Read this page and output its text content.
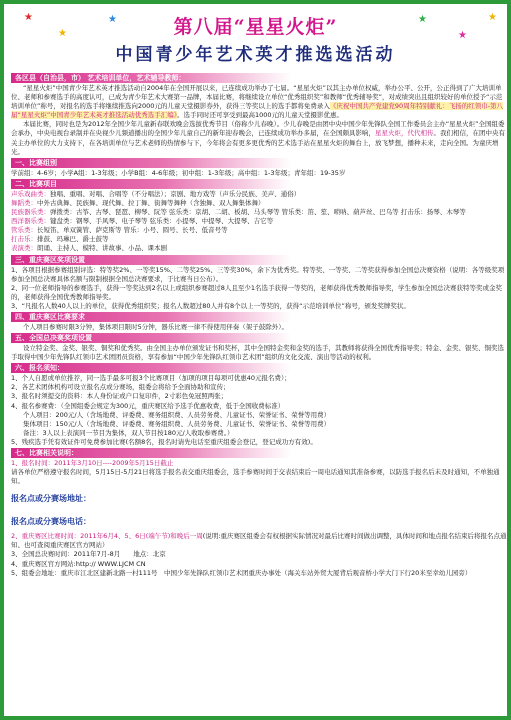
★
★
★	★
★
★
第八届“星星火炬”
中国青少年艺术英才推选选活动
各区县（自治县，市） 艺术培训单位，艺术辅导教师：
“星星火炬”中国青少年艺术英才推选活动自2004年在全国开展以来，已连续成功举办了七届。“星星火炬”以其主办单位权威，举办公平、公开，公正得到了广大培训单位、老师和参赛选手的高度认可，已成为青少年艺术大赛第一品牌，本届比赛，将继续设立单位“优秀组织奖”和教师“优秀辅导奖”，对成绩突出且组织较好的单位授予“示范培训单位”称号，对报名的选手将继续推选向2000元的儿童天堂摄影券外，获得三等奖以上的选手都将免费录入《庆祝中国共产党建党90周年特别献礼：飞扬的红领巾-第八届“星星火炬”中国青少年艺术英才推选活动优秀选手汇编》。选手同时还可享受到最高1000元的儿童天堂摄影优惠。
本届比赛，同时也是为2012年全国少年儿童新春联欢晚会选拔优秀节目（俗称少儿春晚）。少儿春晚是由团中央中国少年先锋队全国工作委员会主办“星星火炬”全国组委会承办，中央电视台录制并在央视少儿频道播出的全国少年儿童自己的新年迎春晚会，已连续成功举办多届，在全国颇具影响，星星火炬，代代相传。我们相信，在团中央有关主办单位的大力支持下，在各培训单位与艺术老师的热情参与下，今年将会有更多更优秀的艺术选手站在星星火炬的舞台上，放飞梦想，播种未来，走向全国。为童庆增光。
一、比赛组别
学前组：4-6岁；小学A组：1-3年级；小学B组：4-6年级；初中组：1-3年级；高中组：1-3年级；青年组：19-35岁
二、比赛项目
声乐戏曲类：独唱、重唱、对唱、合唱等（不分唱法）；京剧、地方戏等（声乐分民族、美声、通俗）
舞蹈类：中外古典舞、民族舞、现代舞、拉丁舞、街舞等舞种（含独舞、双人舞集体舞）
民族器乐类：弹拨类：古筝、古琴、琵琶、柳琴、阮等 弦乐类：京胡、二胡、板胡、马头琴等 管乐类：笛、笙、唢呐、葫芦丝、巴乌等 打击乐：扬琴、木琴等
西洋器乐类：键盘类：钢琴、手风琴、电子琴等 弦乐类：小提琴、中提琴、大提琴、吉它等
管乐类：长短笛、单双簧管、萨克斯等 管乐：小号、圆号、长号、低音号等
打击乐：排鼓、玛琳巴、爵士鼓等
表演类：朗诵、主持人、模特、讲故事、小品、课本剧
三、重庆赛区奖项设置
1、各项目根据参赛组别评选：特等奖2%、一等奖15%、二等奖25%、三等奖30%，余下为优秀奖。特等奖、一等奖、二等奖获得参加全国总决赛资格（说明：各等级奖项参加全国总决赛具体名额与限制根据全国总决赛要求，于比赛当日公布）。
2、同一位老师指导的参赛选手，获得一等奖达到2名以上或组织参赛超过8人且至少1名选手获得一等奖的，老师获得优秀教师指导奖，学生参加全国总决赛获特等奖或金奖的，老师获得全国优秀教师指导奖。
3、“凡报名人数40人以上的单位，获得优秀组织奖；报名人数超过80人并有8个以上一等奖的，获得“示范培训单位”称号，颁发奖牌奖状。
四、重庆赛区比赛要求
个人项目参赛时限3分钟，集体项目限时5分钟，器乐比赛一律不得使用伴奏（架子鼓除外）。
五、全国总决赛奖项设置
设立特金奖、金奖、银奖、铜奖和优秀奖。由全国主办单位颁发证书和奖杯，其中全国特金奖和金奖的选手，其教师将获得全国优秀指导奖；特金、金奖、银奖、铜奖选手取得中国少年先锋队红领巾艺术团团员资格，享有参加“中国少年先锋队红领巾艺术团”组织的文化交流、演出等活动的权利。
六、报名须知：
1、个人自愿或单位推荐，同一选手最多可报3个比赛项目（加项的项目每项可优惠40元报名费）；
2、各艺术团体机构可设立报名点或分赛场，组委会将给予全面协助和宣传；
3、报名时须提交的资料：本人身份证或户口复印件，2寸彩色免冠照两张；
4、报名参赛费：（全国组委会规定为300元，重庆赛区给予选手优惠收费，低于全国收费标准）
个人项目：200元/人（含场地费、评委费、赛务组织费、人员劳务费、儿童证书、荣誉证书、荣誉等用费）
集体项目：150元/人（含场地费、评委费、赛务组织费、人员劳务费、儿童证书、荣誉证书、荣誉等用费）
备注：3人以上表演同一节目为集体，双人节目按180元/人收取参赛费。）
5、残疾选手凭有效证件可免费参加比赛(名额8名，报名时请先电话至重庆组委会登记，登记成功方有效)。
七、比赛相关说明：
1、报名时间：2011年3月10日----2009年5月15日截止
请各单位严格遵守报名时间，5月15日-5月21日将选手报名表交重庆组委会，选手参赛时间于交表结束后一周电话通知其准备参赛，以防选手报名后未及时通知，不单独通知。
报名点或分赛场地址：
报名点或分赛场电话：
2、重庆赛区比赛时间：2011年6月4、5、6日(端午节)和晚后一周(说明:重庆赛区组委会有权根据实际情况对最后比赛时间做出调整，具体时间和地点报名结束后将报名点通知、也可查阅重庆赛区官方网站）
3、全国总决赛时间：2011年7月-8月　　地点：北京
4、重庆赛区官方网站:http:// WWW.LJCM CN
5、组委会地址：重庆市江北区建新北路一村111号　中国少年先锋队红领巾艺术团重庆办事处（海关车站外贸大厦背后观音桥小学大门下行20米至幸幼儿园旁）
